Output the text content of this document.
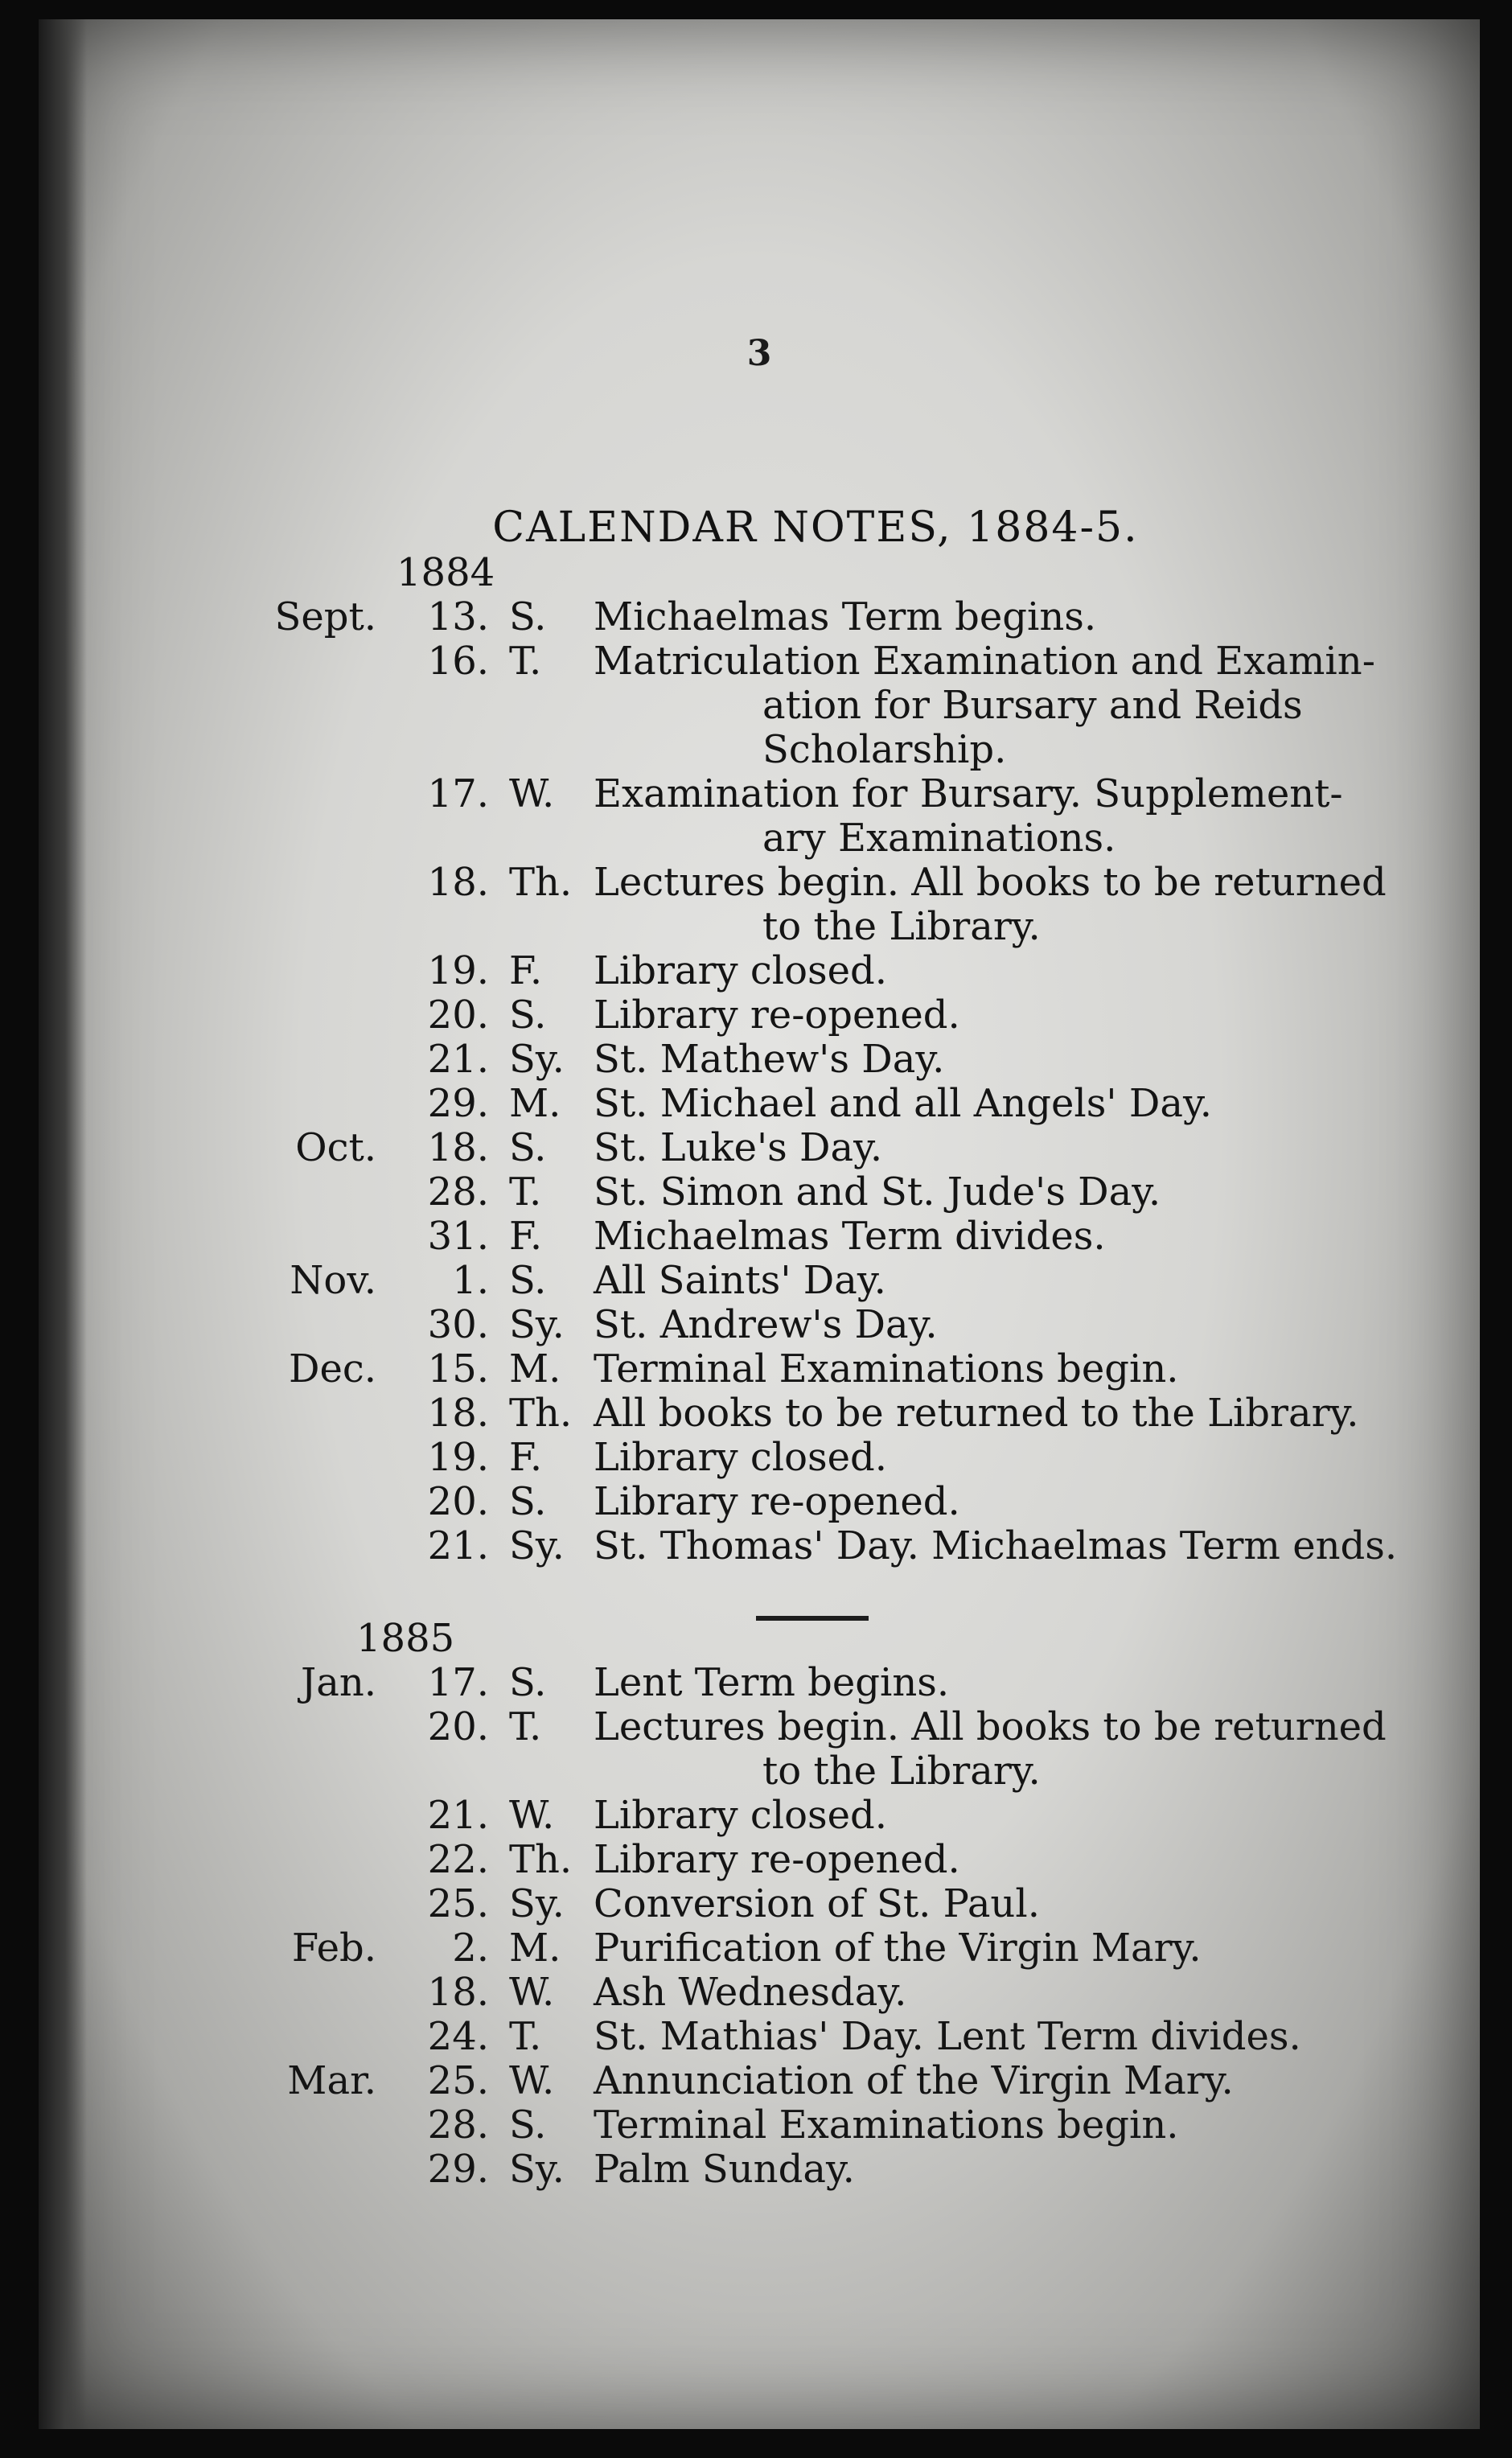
3
CALENDAR NOTES, 1884-5.
1884
Sept.	13. S. Michaelmas Term begins.
16. T. Matriculation Examination and Examin-
ation for Bursary and Reids
Scholarship.
17. W. Examination for Bursary. Supplement-
ary Examinations.
18. Th. Lectures begin. All books to be returned
to the Library.
19. F. Library closed.
20. S. Library re-opened.
21. Sy. St. Mathew's Day.
29. M. St. Michael and all Angels' Day.
Oct.	18. S. St. Luke's Day.
28. T. St. Simon and St. Jude's Day.
31. F. Michaelmas Term divides.
Nov.	1. S. All Saints' Day.
30. Sy. St. Andrew's Day.
Dec.	15. M. Terminal Examinations begin.
18. Th. All books to be returned to the Library.
19. F. Library closed.
20. S. Library re-opened.
21. Sy. St. Thomas' Day. Michaelmas Term ends.
1885
Jan.	17. S. Lent Term begins.
20. T. Lectures begin. All books to be returned
to the Library.
21. W. Library closed.
22. Th. Library re-opened.
25. Sy. Conversion of St. Paul.
Feb.	2. M. Purification of the Virgin Mary.
18. W. Ash Wednesday.
24. T. St. Mathias' Day. Lent Term divides.
Mar.	25. W. Annunciation of the Virgin Mary.
28. S. Terminal Examinations begin.
29. Sy. Palm Sunday.
